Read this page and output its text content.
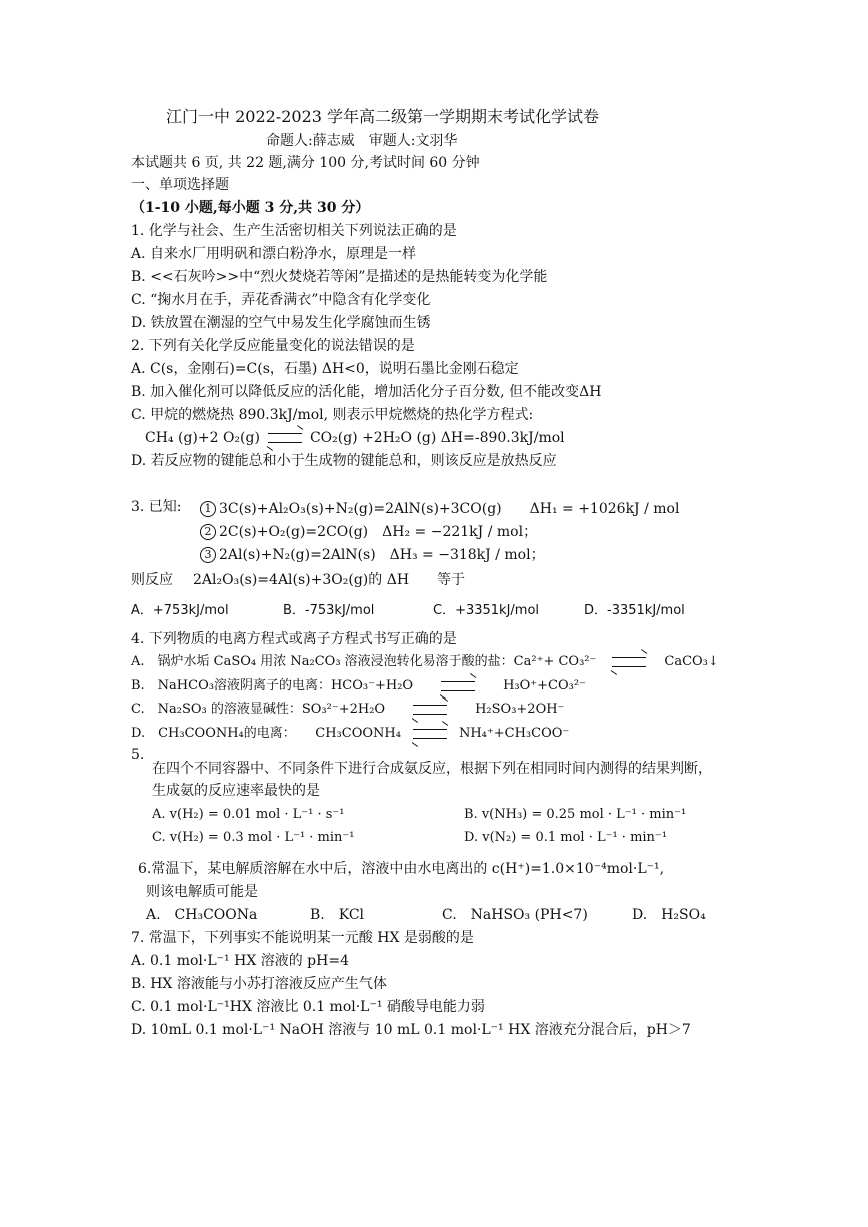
江门一中 2022-2023 学年高二级第一学期期末考试化学试卷
命题人:薛志威　审题人:文羽华
本试题共 6 页, 共 22 题,满分 100 分,考试时间 60 分钟
一、单项选择题
（1-10 小题,每小题 3 分,共 30 分）
1. 化学与社会、生产生活密切相关下列说法正确的是
A. 自来水厂用明矾和漂白粉净水，原理是一样
B. <<石灰吟>>中“烈火焚烧若等闲”是描述的是热能转变为化学能
C. “掬水月在手，弄花香满衣”中隐含有化学变化
D. 铁放置在潮湿的空气中易发生化学腐蚀而生锈
2. 下列有关化学反应能量变化的说法错误的是
A. C(s，金刚石)=C(s，石墨) ΔH<0，说明石墨比金刚石稳定
B. 加入催化剂可以降低反应的活化能，增加活化分子百分数, 但不能改变ΔH
C. 甲烷的燃烧热 890.3kJ/mol, 则表示甲烷燃烧的热化学方程式:
CH₄ (g)+2 O₂(g)	CO₂(g) +2H₂O (g) ΔH=-890.3kJ/mol
D. 若反应物的键能总和小于生成物的键能总和，则该反应是放热反应
3. 已知:	1 3C(s)+Al₂O₃(s)+N₂(g)=2AlN(s)+3CO(g) ΔH₁ = +1026kJ / mol
2 2C(s)+O₂(g)=2CO(g) ΔH₂ = −221kJ / mol；
3 2Al(s)+N₂(g)=2AlN(s) ΔH₃ = −318kJ / mol；
则反应 2Al₂O₃(s)=4Al(s)+3O₂(g)的 ΔH 等于
A．+753kJ/mol	B．-753kJ/mol	C．+3351kJ/mol	D．-3351kJ/mol
4. 下列物质的电离方程式或离子方程式书写正确的是
A.　锅炉水垢 CaSO₄ 用浓 Na₂CO₃ 溶液浸泡转化易溶于酸的盐：Ca²⁺+ CO₃²⁻	CaCO₃↓
B.　NaHCO₃溶液阴离子的电离：HCO₃⁻+H₂O	H₃O⁺+CO₃²⁻
C.　Na₂SO₃ 的溶液显碱性：SO₃²⁻+2H₂O	H₂SO₃+2OH⁻
D.　CH₃COONH₄的电离：　　CH₃COONH₄	NH₄⁺+CH₃COO⁻
5.
在四个不同容器中、不同条件下进行合成氨反应，根据下列在相同时间内测得的结果判断，
生成氨的反应速率最快的是
A. v(H₂) = 0.01 mol · L⁻¹ · s⁻¹	B. v(NH₃) = 0.25 mol · L⁻¹ · min⁻¹
C. v(H₂) = 0.3 mol · L⁻¹ · min⁻¹	D. v(N₂) = 0.1 mol · L⁻¹ · min⁻¹
6.常温下，某电解质溶解在水中后，溶液中由水电离出的 c(H⁺)=1.0×10⁻⁴mol·L⁻¹,
则该电解质可能是
A.　CH₃COONa	B.　KCl	C.　NaHSO₃ (PH<7)	D.　H₂SO₄
7. 常温下，下列事实不能说明某一元酸 HX 是弱酸的是
A. 0.1 mol·L⁻¹ HX 溶液的 pH=4
B. HX 溶液能与小苏打溶液反应产生气体
C. 0.1 mol·L⁻¹HX 溶液比 0.1 mol·L⁻¹ 硝酸导电能力弱
D. 10mL 0.1 mol·L⁻¹ NaOH 溶液与 10 mL 0.1 mol·L⁻¹ HX 溶液充分混合后，pH＞7
